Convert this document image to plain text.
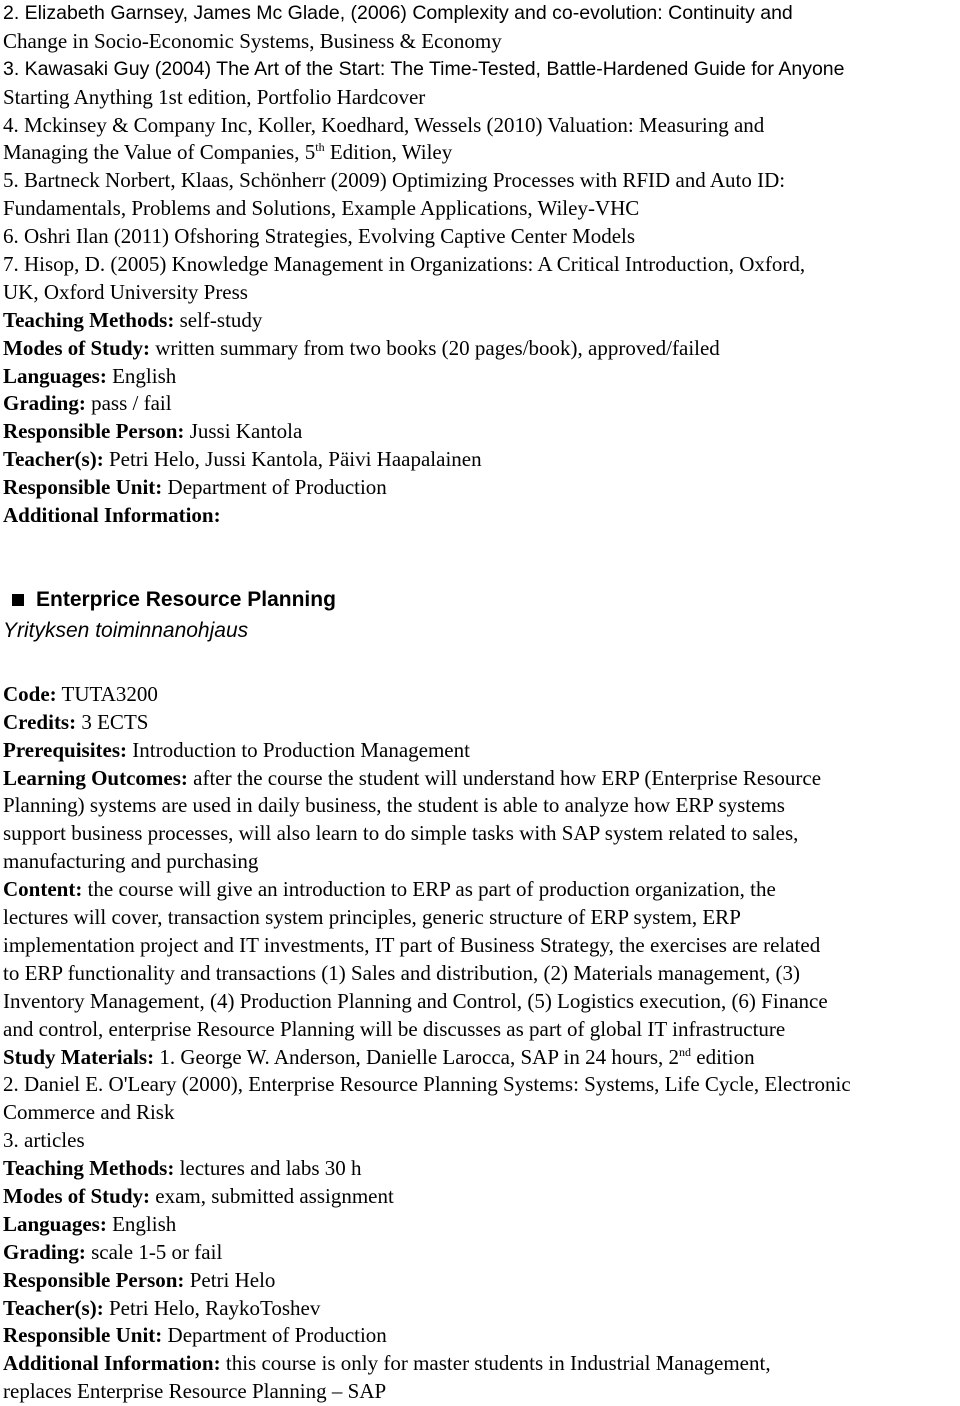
2. Elizabeth Garnsey, James Mc Glade, (2006) Complexity and co-evolution: Continuity and
Change in Socio-Economic Systems, Business & Economy
3. Kawasaki Guy (2004) The Art of the Start: The Time-Tested, Battle-Hardened Guide for Anyone
Starting Anything 1st edition, Portfolio Hardcover
4. Mckinsey & Company Inc, Koller, Koedhard, Wessels (2010) Valuation: Measuring and
Managing the Value of Companies, 5th Edition, Wiley
5. Bartneck Norbert, Klaas, Schönherr (2009) Optimizing Processes with RFID and Auto ID:
Fundamentals, Problems and Solutions, Example Applications, Wiley-VHC
6. Oshri Ilan (2011) Ofshoring Strategies, Evolving Captive Center Models
7. Hisop, D. (2005) Knowledge Management in Organizations: A Critical Introduction, Oxford,
UK, Oxford University Press
Teaching Methods: self-study
Modes of Study: written summary from two books (20 pages/book), approved/failed
Languages: English
Grading: pass / fail
Responsible Person: Jussi Kantola
Teacher(s): Petri Helo, Jussi Kantola, Päivi Haapalainen
Responsible Unit: Department of Production
Additional Information:
Enterprice Resource Planning
Yrityksen toiminnanohjaus
Code: TUTA3200
Credits: 3 ECTS
Prerequisites: Introduction to Production Management
Learning Outcomes: after the course the student will understand how ERP (Enterprise Resource
Planning) systems are used in daily business, the student is able to analyze how ERP systems
support business processes, will also learn to do simple tasks with SAP system related to sales,
manufacturing and purchasing
Content: the course will give an introduction to ERP as part of production organization, the
lectures will cover, transaction system principles, generic structure of ERP system, ERP
implementation project and IT investments, IT part of Business Strategy, the exercises are related
to ERP functionality and transactions (1) Sales and distribution, (2) Materials management, (3)
Inventory Management, (4) Production Planning and Control, (5) Logistics execution, (6) Finance
and control, enterprise Resource Planning will be discusses as part of global IT infrastructure
Study Materials: 1. George W. Anderson, Danielle Larocca, SAP in 24 hours, 2nd edition
2. Daniel E. O'Leary (2000), Enterprise Resource Planning Systems: Systems, Life Cycle, Electronic
Commerce and Risk
3. articles
Teaching Methods: lectures and labs 30 h
Modes of Study: exam, submitted assignment
Languages: English
Grading: scale 1-5 or fail
Responsible Person: Petri Helo
Teacher(s): Petri Helo, RaykoToshev
Responsible Unit: Department of Production
Additional Information: this course is only for master students in Industrial Management,
replaces Enterprise Resource Planning – SAP
